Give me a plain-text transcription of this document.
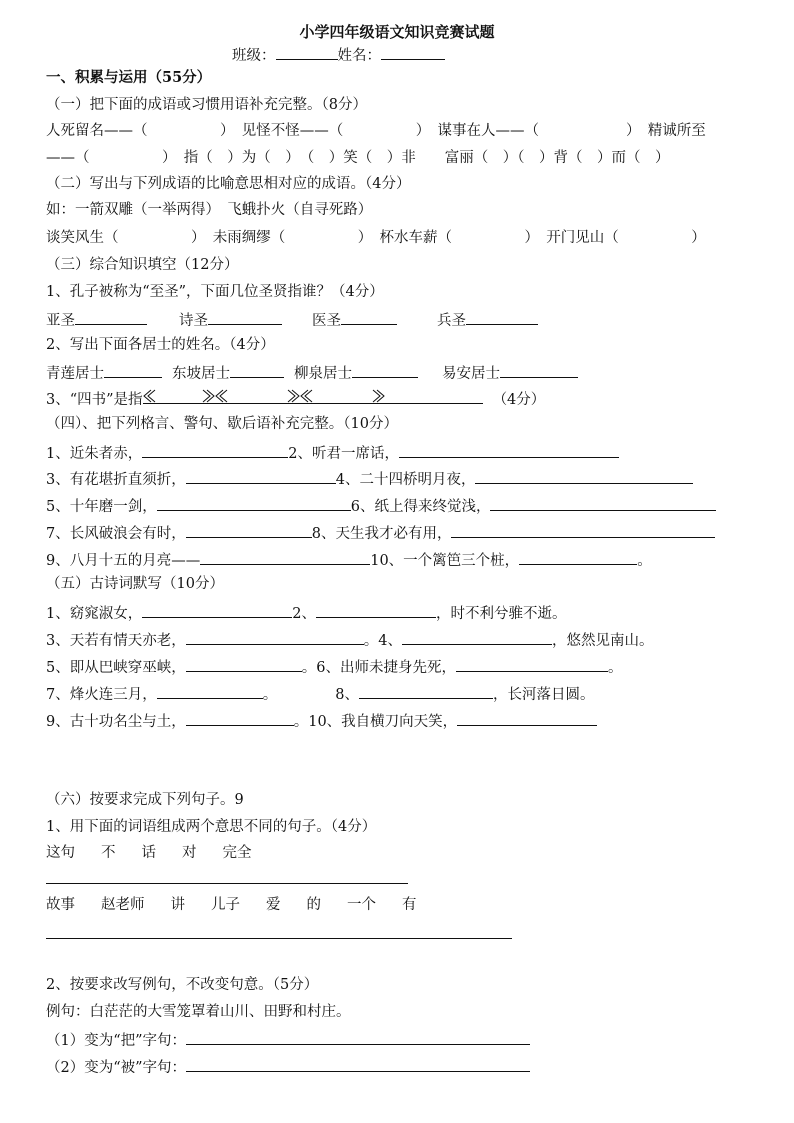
小学四年级语文知识竞赛试题
班级：	姓名：
一、积累与运用（55分）
（一）把下面的成语或习惯用语补充完整。（8分）
人死留名——（　　　　　）　见怪不怪——（　　　　　）　谋事在人——（　　　　　　）　精诚所至
——（　　　　　）　指（　）为（　）　（　）笑（　）非　　富丽（　）（　）背（　）而（　）
（二）写出与下列成语的比喻意思相对应的成语。（4分）
如：一箭双雕（一举两得）　飞蛾扑火（自寻死路）
谈笑风生（　　　　　）　未雨绸缪（　　　　　）　杯水车薪（　　　　　）　开门见山（　　　　　）
（三）综合知识填空（12分）
1、孔子被称为“至圣”，下面几位圣贤指谁？（4分）
亚圣	诗圣	医圣	兵圣
2、写出下面各居士的姓名。（4分）
青莲居士	东坡居士	柳泉居士	易安居士
3、“四书”是指	（4分）
（四）、把下列格言、警句、歇后语补充完整。（10分）
1、近朱者赤，	2、听君一席话，
3、有花堪折直须折，	4、二十四桥明月夜，
5、十年磨一剑，	6、纸上得来终觉浅，
7、长风破浪会有时，	8、天生我才必有用，
9、八月十五的月亮——	10、一个篱笆三个桩，	。
（五）古诗词默写（10分）
1、窈窕淑女，	2、	，时不利兮骓不逝。
3、天若有情天亦老，	。4、	，悠然见南山。
5、即从巴峡穿巫峡，	。6、出师未捷身先死，	。
7、烽火连三月，	。	8、	，长河落日圆。
9、古十功名尘与土，	。10、我自横刀向天笑，
（六）按要求完成下列句子。9
1、用下面的词语组成两个意思不同的句子。（4分）
这句 不 话 对 完全
故事 赵老师 讲 儿子 爱 的 一个 有
2、按要求改写例句，不改变句意。（5分）
例句：白茫茫的大雪笼罩着山川、田野和村庄。
（1）变为“把”字句：
（2）变为“被”字句：
